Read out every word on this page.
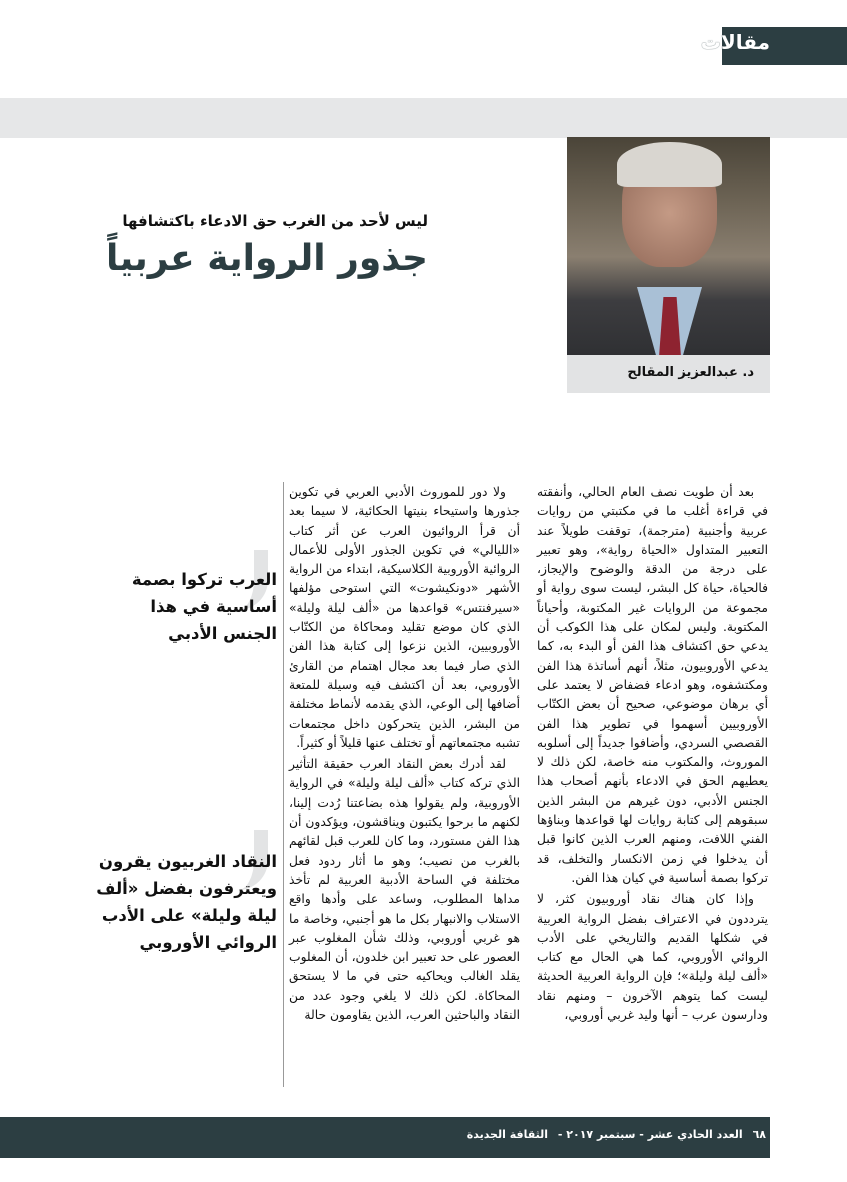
مقالات
د. عبدالعزيز المقالح
ليس لأحد من الغرب حق الادعاء باكتشافها
جذور الرواية عربياً

بعد أن طويت نصف العام الحالي، وأنفقته في قراءة أغلب ما في مكتبتي من روايات عربية وأجنبية (مترجمة)، توقفت طويلاً عند التعبير المتداول «الحياة رواية»، وهو تعبير على درجة من الدقة والوضوح والإيجاز، فالحياة، حياة كل البشر، ليست سوى رواية أو مجموعة من الروايات غير المكتوبة، وأحياناً المكتوبة. وليس لمكان على هذا الكوكب أن يدعي حق اكتشاف هذا الفن أو البدء به، كما يدعي الأوروبيون، مثلاً، أنهم أساتذة هذا الفن ومكتشفوه، وهو ادعاء فضفاض لا يعتمد على أي برهان موضوعي، صحيح أن بعض الكتّاب الأوروبيين أسهموا في تطوير هذا الفن القصصي السردي، وأضافوا جديداً إلى أسلوبه الموروث، والمكتوب منه خاصة، لكن ذلك لا يعطيهم الحق في الادعاء بأنهم أصحاب هذا الجنس الأدبي، دون غيرهم من البشر الذين سبقوهم إلى كتابة روايات لها قواعدها وبناؤها الفني اللافت، ومنهم العرب الذين كانوا قبل أن يدخلوا في زمن الانكسار والتخلف، قد تركوا بصمة أساسية في كيان هذا الفن.

وإذا كان هناك نقاد أوروبيون كثر، لا يترددون في الاعتراف بفضل الرواية العربية في شكلها القديم والتاريخي على الأدب الروائي الأوروبي، كما هي الحال مع كتاب «ألف ليلة وليلة»؛ فإن الرواية العربية الحديثة ليست كما يتوهم الآخرون – ومنهم نقاد ودارسون عرب – أنها وليد غربي أوروبي،

ولا دور للموروث الأدبي العربي في تكوين جذورها واستيحاء بنيتها الحكائية، لا سيما بعد أن قرأ الروائيون العرب عن أثر كتاب «الليالي» في تكوين الجذور الأولى للأعمال الروائية الأوروبية الكلاسيكية، ابتداء من الرواية الأشهر «دونكيشوت» التي استوحى مؤلفها «سيرفنتس» قواعدها من «ألف ليلة وليلة» الذي كان موضع تقليد ومحاكاة من الكتّاب الأوروبيين، الذين نزعوا إلى كتابة هذا الفن الذي صار فيما بعد مجال اهتمام من القارئ الأوروبي، بعد أن اكتشف فيه وسيلة للمتعة أضافها إلى الوعي، الذي يقدمه لأنماط مختلفة من البشر، الذين يتحركون داخل مجتمعات تشبه مجتمعاتهم أو تختلف عنها قليلاً أو كثيراً.

لقد أدرك بعض النقاد العرب حقيقة التأثير الذي تركه كتاب «ألف ليلة وليلة» في الرواية الأوروبية، ولم يقولوا هذه بضاعتنا رُدت إلينا، لكنهم ما برحوا يكتبون ويناقشون، ويؤكدون أن هذا الفن مستورد، وما كان للعرب قبل لقائهم بالغرب من نصيب؛ وهو ما أثار ردود فعل مختلفة في الساحة الأدبية العربية لم تأخذ مداها المطلوب، وساعد على وأدها واقع الاستلاب والانبهار بكل ما هو أجنبي، وخاصة ما هو غربي أوروبي، وذلك شأن المغلوب عبر العصور على حد تعبير ابن خلدون، أن المغلوب يقلد الغالب ويحاكيه حتى في ما لا يستحق المحاكاة. لكن ذلك لا يلغي وجود عدد من النقاد والباحثين العرب، الذين يقاومون حالة

العرب تركوا بصمة أساسية في هذا الجنس الأدبي
النقاد الغربيون يقرون ويعترفون بفضل «ألف ليلة وليلة» على الأدب الروائي الأوروبي
٦٨ العدد الحادي عشر - سبتمبر ٢٠١٧ - الثقافة الجديدة
